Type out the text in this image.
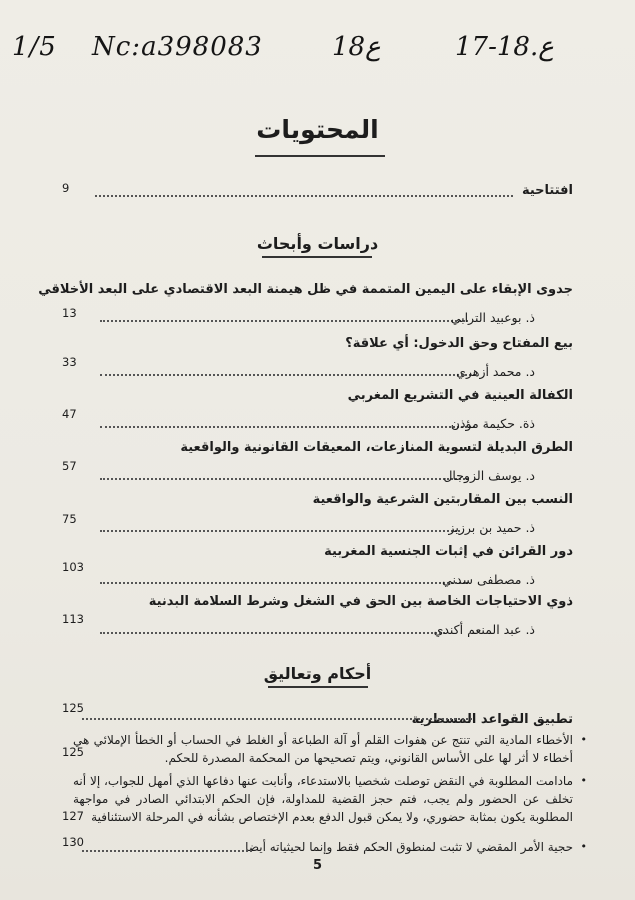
1/5 Nc:a398083	ع18	ع.18-17
المحتويات
افتتاحية
9
دراسات وأبحاث
جدوى الإبقاء على اليمين المتممة في ظل هيمنة البعد الاقتصادي على البعد الأخلاقي
ذ. بوعبيد الترابي
13
بيع المفتاح وحق الدخول: أي علاقة؟
د. محمد أزهري
33
الكفالة العينية في التشريع المغربي
ذة. حكيمة مؤذن
47
الطرق البديلة لتسوية المنازعات، المعيقات القانونية والواقعية
د. يوسف الزوجال
57
النسب بين المقاربتين الشرعية والواقعية
ذ. حميد بن برزيز
75
دور القرائن في إثبات الجنسية المغربية
ذ. مصطفى سدني
103
ذوي الاحتياجات الخاصة بين الحق في الشغل وشرط السلامة البدنية
ذ. عبد المنعم أكندي
113
أحكام وتعاليق
تطبيق القواعد المسطرية
125
•
الأخطاء المادية التي تنتج عن هفوات القلم أو آلة الطباعة أو الغلط في الحساب أو الخطأ الإملائي هي أخطاء لا أثر لها على الأساس القانوني، ويتم تصحيحها من المحكمة المصدرة للحكم.
125
•
مادامت المطلوبة في النقض توصلت شخصيا بالاستدعاء، وأنابت عنها دفاعها الذي أمهل للجواب، إلا أنه تخلف عن الحضور ولم يجب، فتم حجز القضية للمداولة، فإن الحكم الابتدائي الصادر في مواجهة المطلوبة يكون بمثابة حضوري، ولا يمكن قبول الدفع بعدم الإختصاص بشأنه في المرحلة الاستئنافية
127
•
حجية الأمر المقضي لا تثبت لمنطوق الحكم فقط وإنما لحيثياته أيضا
130
5
